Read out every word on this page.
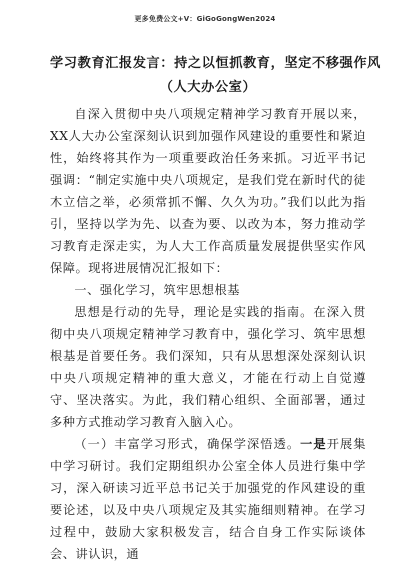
更多免费公文+V：GiGoGongWen2024

学习教育汇报发言：持之以恒抓教育，坚定不移强作风

（人大办公室）

自深入贯彻中央八项规定精神学习教育开展以来，XX人大办公室深刻认识到加强作风建设的重要性和紧迫性，始终将其作为一项重要政治任务来抓。习近平书记强调：“制定实施中央八项规定，是我们党在新时代的徒木立信之举，必须常抓不懈、久久为功。”我们以此为指引，坚持以学为先、以查为要、以改为本，努力推动学习教育走深走实，为人大工作高质量发展提供坚实作风保障。现将进展情况汇报如下：

一、强化学习，筑牢思想根基

思想是行动的先导，理论是实践的指南。在深入贯彻中央八项规定精神学习教育中，强化学习、筑牢思想根基是首要任务。我们深知，只有从思想深处深刻认识中央八项规定精神的重大意义，才能在行动上自觉遵守、坚决落实。为此，我们精心组织、全面部署，通过多种方式推动学习教育入脑入心。

（一）丰富学习形式，确保学深悟透。一是开展集中学习研讨。我们定期组织办公室全体人员进行集中学习，深入研读习近平总书记关于加强党的作风建设的重要论述，以及中央八项规定及其实施细则精神。在学习过程中，鼓励大家积极发言，结合自身工作实际谈体会、讲认识，通
